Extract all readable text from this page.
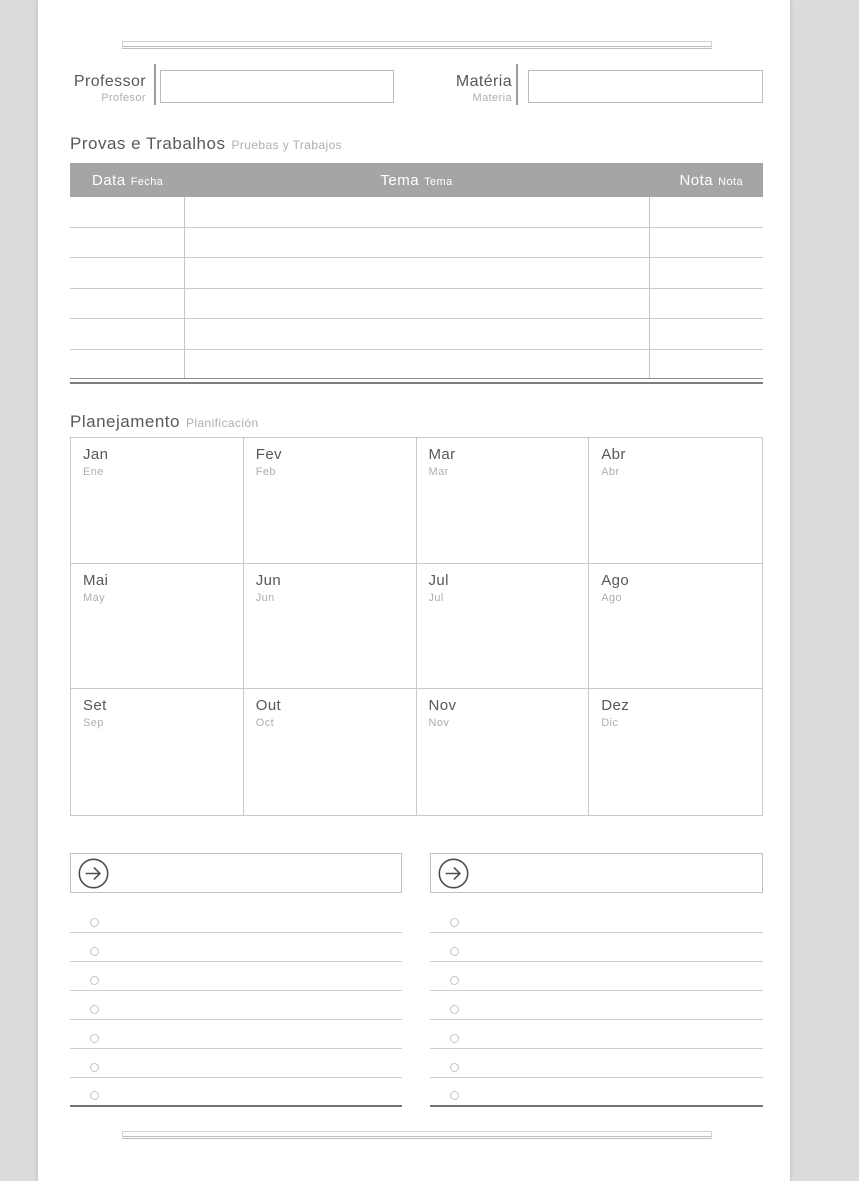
Professor
Profesor
Matéria
Materia
Provas e Trabalhos Pruebas y Trabajos
Data Fecha	Tema Tema	Nota Nota
Planejamento Planificación
Jan
Ene
Fev
Feb
Mar
Mar
Abr
Abr
Mai
May
Jun
Jun
Jul
Jul
Ago
Ago
Set
Sep
Out
Oct
Nov
Nov
Dez
Dic
